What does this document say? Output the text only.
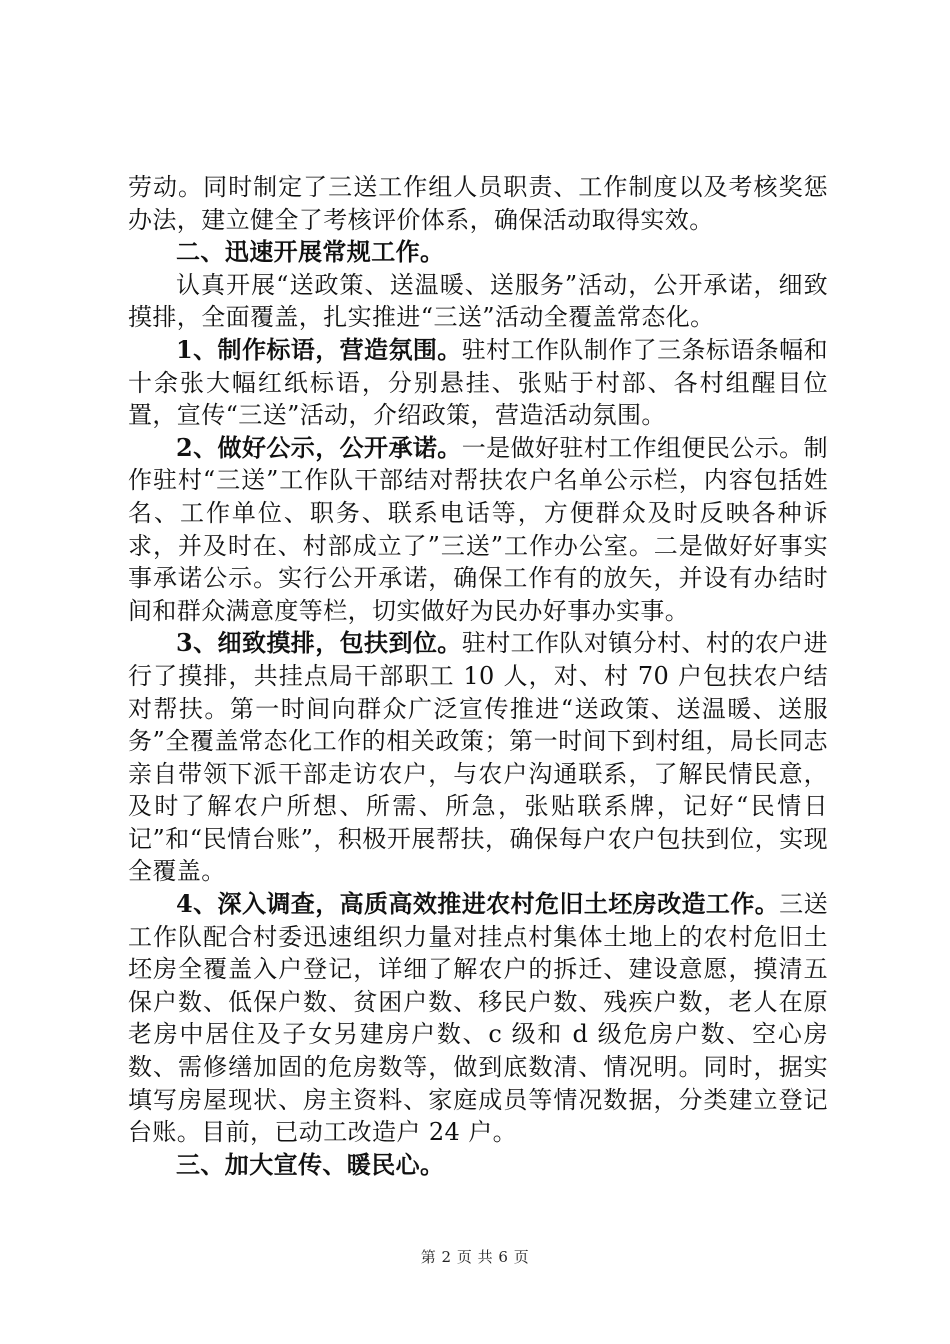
劳动。同时制定了三送工作组人员职责、工作制度以及考核奖惩办法，建立健全了考核评价体系，确保活动取得实效。

二、迅速开展常规工作。

认真开展“送政策、送温暖、送服务”活动，公开承诺，细致摸排，全面覆盖，扎实推进“三送”活动全覆盖常态化。

1、制作标语，营造氛围。驻村工作队制作了三条标语条幅和十余张大幅红纸标语，分别悬挂、张贴于村部、各村组醒目位置，宣传“三送”活动，介绍政策，营造活动氛围。

2、做好公示，公开承诺。一是做好驻村工作组便民公示。制作驻村“三送”工作队干部结对帮扶农户名单公示栏，内容包括姓名、工作单位、职务、联系电话等，方便群众及时反映各种诉求，并及时在、村部成立了”三送”工作办公室。二是做好好事实事承诺公示。实行公开承诺，确保工作有的放矢，并设有办结时间和群众满意度等栏，切实做好为民办好事办实事。

3、细致摸排，包扶到位。驻村工作队对镇分村、村的农户进行了摸排，共挂点局干部职工 10 人，对、村 70 户包扶农户结对帮扶。第一时间向群众广泛宣传推进“送政策、送温暖、送服务”全覆盖常态化工作的相关政策；第一时间下到村组，局长同志亲自带领下派干部走访农户，与农户沟通联系，了解民情民意，及时了解农户所想、所需、所急，张贴联系牌，记好“民情日记”和“民情台账”，积极开展帮扶，确保每户农户包扶到位，实现全覆盖。

4、深入调查，高质高效推进农村危旧土坯房改造工作。三送工作队配合村委迅速组织力量对挂点村集体土地上的农村危旧土坯房全覆盖入户登记，详细了解农户的拆迁、建设意愿，摸清五保户数、低保户数、贫困户数、移民户数、残疾户数，老人在原老房中居住及子女另建房户数、c 级和 d 级危房户数、空心房数、需修缮加固的危房数等，做到底数清、情况明。同时，据实填写房屋现状、房主资料、家庭成员等情况数据，分类建立登记台账。目前，已动工改造户 24 户。

三、加大宣传、暖民心。

第 2 页 共 6 页
